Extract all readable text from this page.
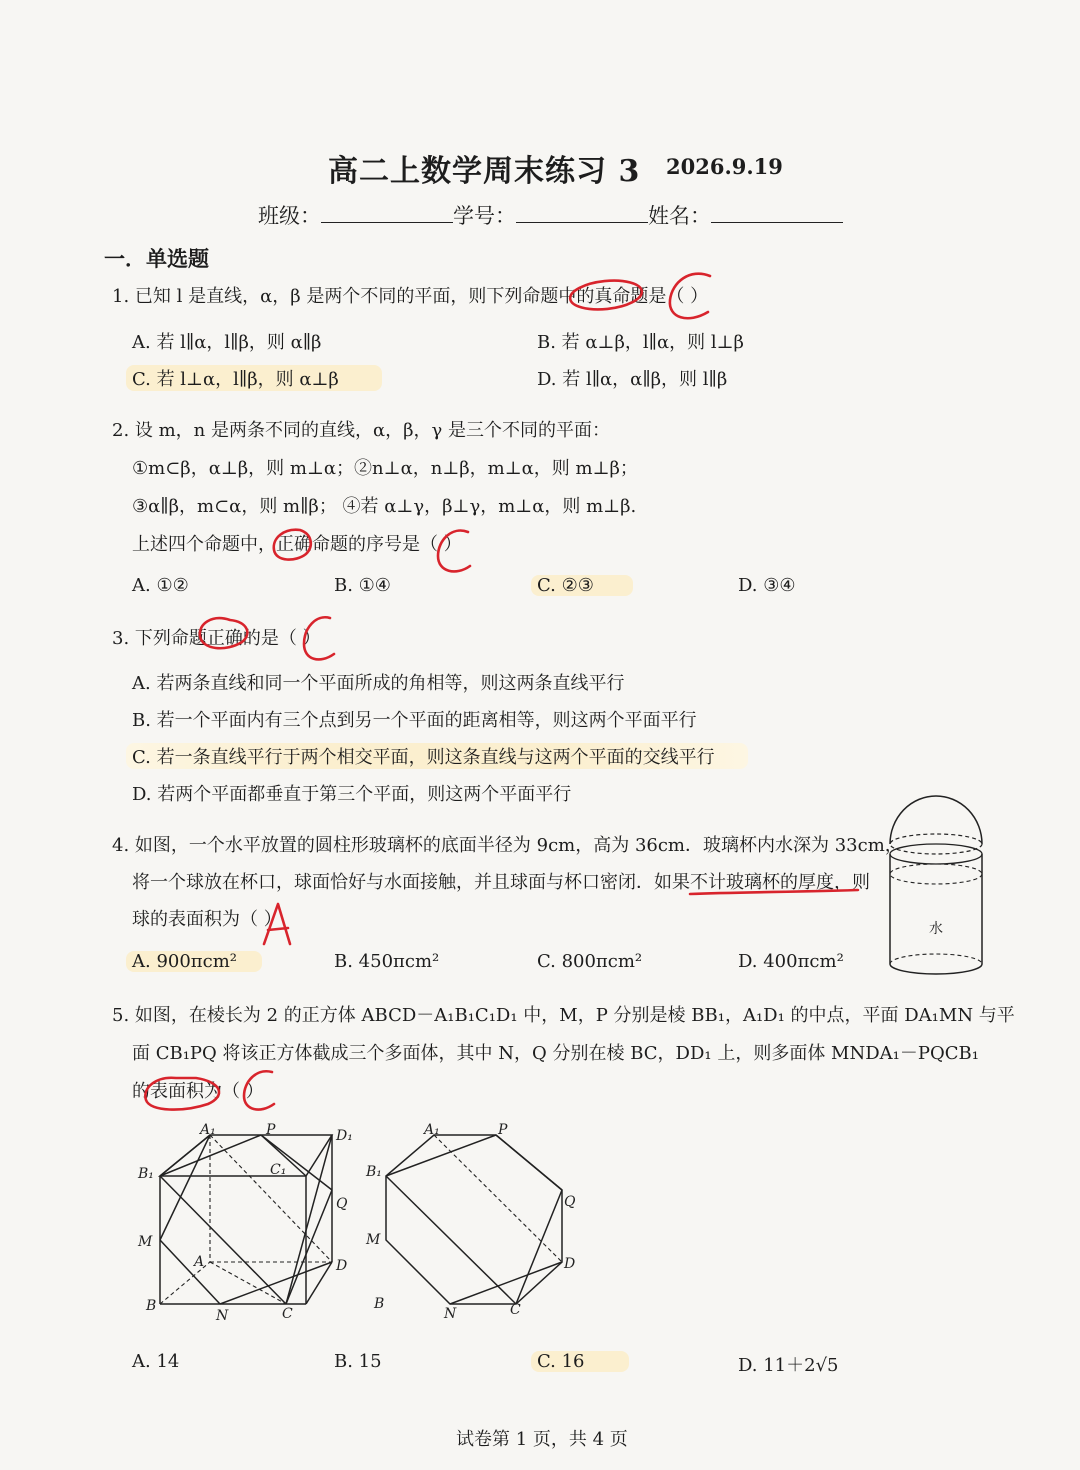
高二上数学周末练习 3 2026.9.19
班级：	学号：	姓名：
一．单选题
1. 已知 l 是直线，α，β 是两个不同的平面，则下列命题中的真命题是（ ）
A. 若 l∥α，l∥β，则 α∥β	B. 若 α⊥β，l∥α，则 l⊥β
C. 若 l⊥α，l∥β，则 α⊥β	D. 若 l∥α，α∥β，则 l∥β
2. 设 m，n 是两条不同的直线，α，β，γ 是三个不同的平面：
①m⊂β，α⊥β，则 m⊥α；②n⊥α，n⊥β，m⊥α，则 m⊥β；
③α∥β，m⊂α，则 m∥β； ④若 α⊥γ，β⊥γ，m⊥α，则 m⊥β.
上述四个命题中，正确命题的序号是（ ）
A. ①②	B. ①④	C. ②③	D. ③④
3. 下列命题正确的是（ ）
A. 若两条直线和同一个平面所成的角相等，则这两条直线平行
B. 若一个平面内有三个点到另一个平面的距离相等，则这两个平面平行
C. 若一条直线平行于两个相交平面，则这条直线与这两个平面的交线平行
D. 若两个平面都垂直于第三个平面，则这两个平面平行
4. 如图，一个水平放置的圆柱形玻璃杯的底面半径为 9cm，高为 36cm．玻璃杯内水深为 33cm，
将一个球放在杯口，球面恰好与水面接触，并且球面与杯口密闭．如果不计玻璃杯的厚度，则
球的表面积为（ ）
A. 900πcm²	B. 450πcm²	C. 800πcm²	D. 400πcm²
水
5. 如图，在棱长为 2 的正方体 ABCD－A₁B₁C₁D₁ 中，M，P 分别是棱 BB₁，A₁D₁ 的中点，平面 DA₁MN 与平
面 CB₁PQ 将该正方体截成三个多面体，其中 N，Q 分别在棱 BC，DD₁ 上，则多面体 MNDA₁－PQCB₁
的表面积为（ ）
A₁	P	D₁
B₁	C₁
Q
M
A	D
B
N	C
A₁	P
B₁
Q
M
D
B
N	C
A. 14	B. 15	C. 16	D. 11＋2√5
试卷第 1 页，共 4 页
